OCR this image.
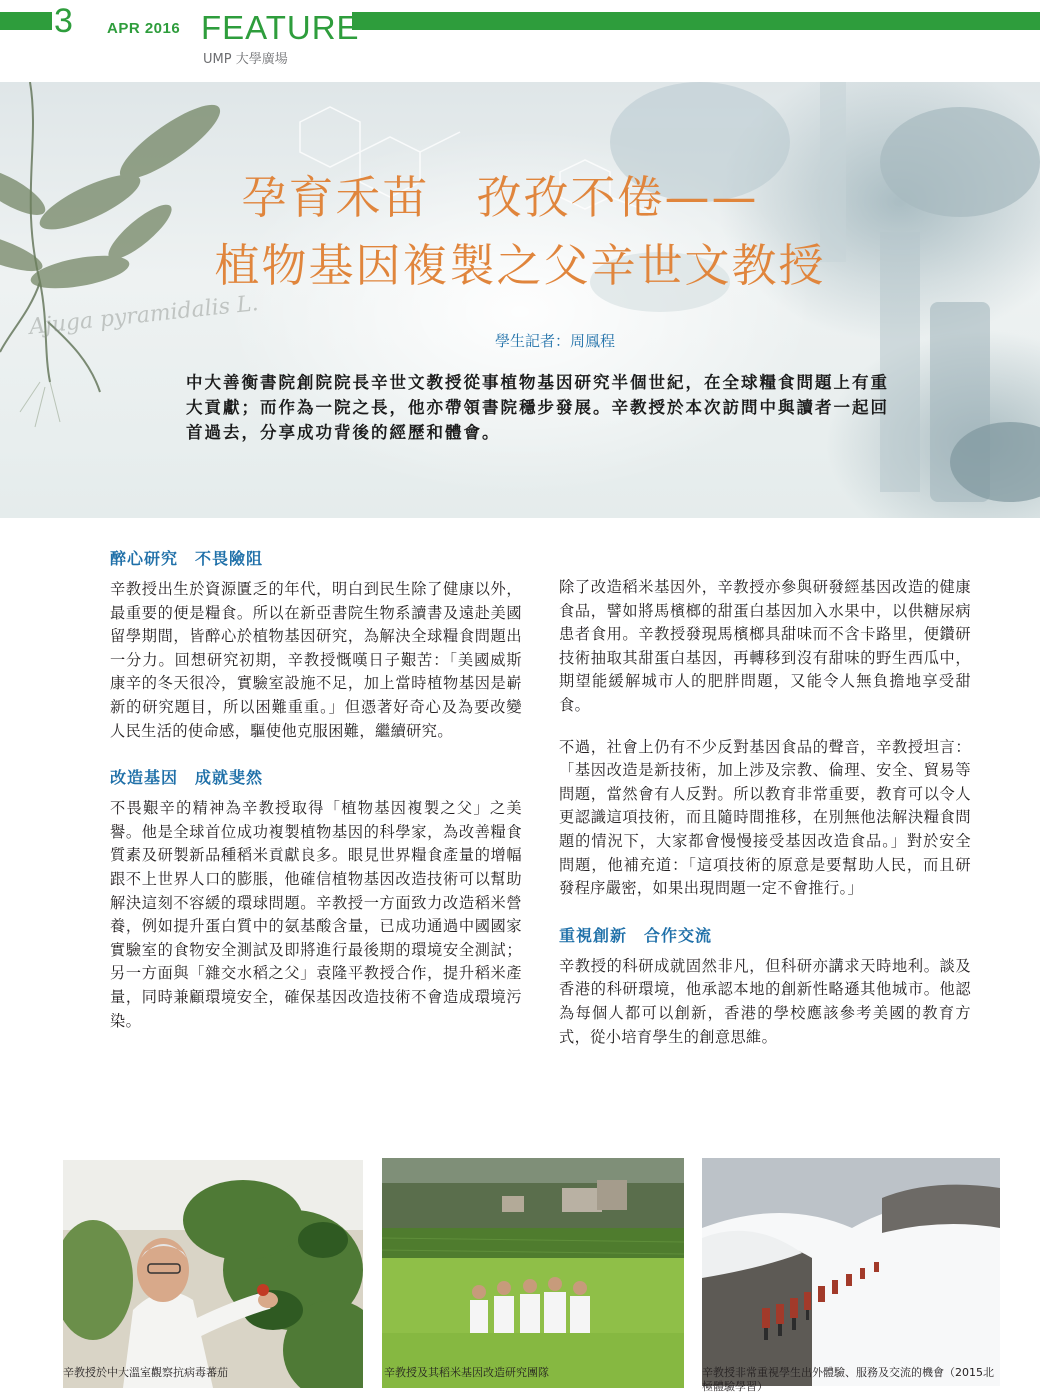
3 APR 2016 FEATURE
UMP 大學廣場
Ajuga pyramidalis L.
孕育禾苗　孜孜不倦——
植物基因複製之父辛世文教授
學生記者：周鳳程
中大善衡書院創院院長辛世文教授從事植物基因研究半個世紀，在全球糧食問題上有重大貢獻；而作為一院之長，他亦帶領書院穩步發展。辛教授於本次訪問中與讀者一起回首過去，分享成功背後的經歷和體會。
醉心研究　不畏險阻

辛教授出生於資源匱乏的年代，明白到民生除了健康以外，最重要的便是糧食。所以在新亞書院生物系讀書及遠赴美國留學期間，皆醉心於植物基因研究，為解決全球糧食問題出一分力。回想研究初期，辛教授慨嘆日子艱苦：「美國威斯康辛的冬天很冷，實驗室設施不足，加上當時植物基因是嶄新的研究題目，所以困難重重。」但憑著好奇心及為要改變人民生活的使命感，驅使他克服困難，繼續研究。

改造基因　成就斐然

不畏艱辛的精神為辛教授取得「植物基因複製之父」之美譽。他是全球首位成功複製植物基因的科學家，為改善糧食質素及研製新品種稻米貢獻良多。眼見世界糧食產量的增幅跟不上世界人口的膨脹，他確信植物基因改造技術可以幫助解決這刻不容緩的環球問題。辛教授一方面致力改造稻米營養，例如提升蛋白質中的氨基酸含量，已成功通過中國國家實驗室的食物安全測試及即將進行最後期的環境安全測試；另一方面與「雜交水稻之父」袁隆平教授合作，提升稻米產量，同時兼顧環境安全，確保基因改造技術不會造成環境污染。

除了改造稻米基因外，辛教授亦參與研發經基因改造的健康食品，譬如將馬檳榔的甜蛋白基因加入水果中，以供糖尿病患者食用。辛教授發現馬檳榔具甜味而不含卡路里，便鑽研技術抽取其甜蛋白基因，再轉移到沒有甜味的野生西瓜中，期望能緩解城市人的肥胖問題，又能令人無負擔地享受甜食。

不過，社會上仍有不少反對基因食品的聲音，辛教授坦言：「基因改造是新技術，加上涉及宗教、倫理、安全、貿易等問題，當然會有人反對。所以教育非常重要，教育可以令人更認識這項技術，而且隨時間推移，在別無他法解決糧食問題的情況下，大家都會慢慢接受基因改造食品。」對於安全問題，他補充道：「這項技術的原意是要幫助人民，而且研發程序嚴密，如果出現問題一定不會推行。」

重視創新　合作交流

辛教授的科研成就固然非凡，但科研亦講求天時地利。談及香港的科研環境，他承認本地的創新性略遜其他城市。他認為每個人都可以創新，香港的學校應該參考美國的教育方式，從小培育學生的創意思維。

辛教授於中大溫室觀察抗病毒蕃茄	辛教授及其稻米基因改造研究團隊	辛教授非常重視學生出外體驗、服務及交流的機會（2015北極體驗學習）
